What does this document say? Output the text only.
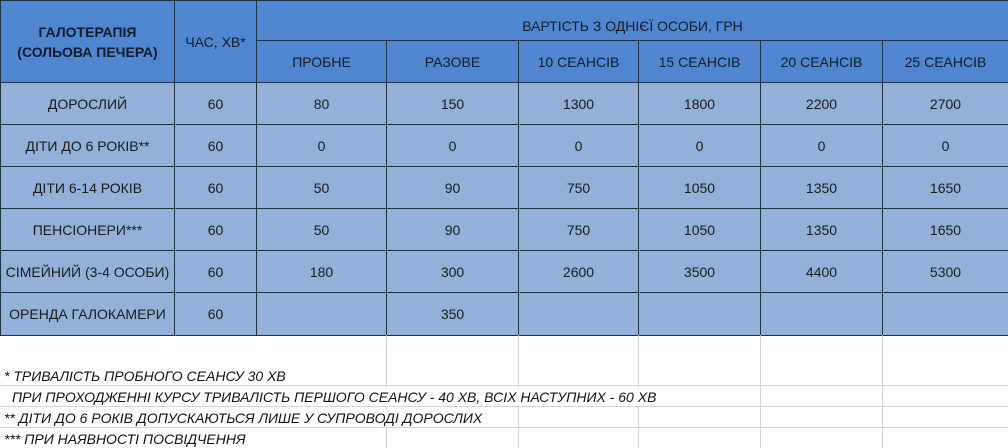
ГАЛОТЕРАПІЯ
(СОЛЬОВА ПЕЧЕРА)	ЧАС, ХВ*	ВАРТІСТЬ З ОДНІЄЇ ОСОБИ, ГРН					
		ПРОБНЕ	РАЗОВЕ	10 СЕАНСІВ	15 СЕАНСІВ	20 СЕАНСІВ	25 СЕАНСІВ
ДОРОСЛИЙ	60	80	150	1300	1800	2200	2700
ДІТИ ДО 6 РОКІВ**	60	0	0	0	0	0	0
ДІТИ 6-14 РОКІВ	60	50	90	750	1050	1350	1650
ПЕНСІОНЕРИ***	60	50	90	750	1050	1350	1650
СІМЕЙНИЙ (3-4 ОСОБИ)	60	180	300	2600	3500	4400	5300
ОРЕНДА ГАЛОКАМЕРИ	60		350				
* ТРИВАЛІСТЬ ПРОБНОГО СЕАНСУ 30 ХВ
ПРИ ПРОХОДЖЕННІ КУРСУ ТРИВАЛІСТЬ ПЕРШОГО СЕАНСУ - 40 ХВ, ВСІХ НАСТУПНИХ - 60 ХВ
** ДІТИ ДО 6 РОКІВ ДОПУСКАЮТЬСЯ ЛИШЕ У СУПРОВОДІ ДОРОСЛИХ
*** ПРИ НАЯВНОСТІ ПОСВІДЧЕННЯ
